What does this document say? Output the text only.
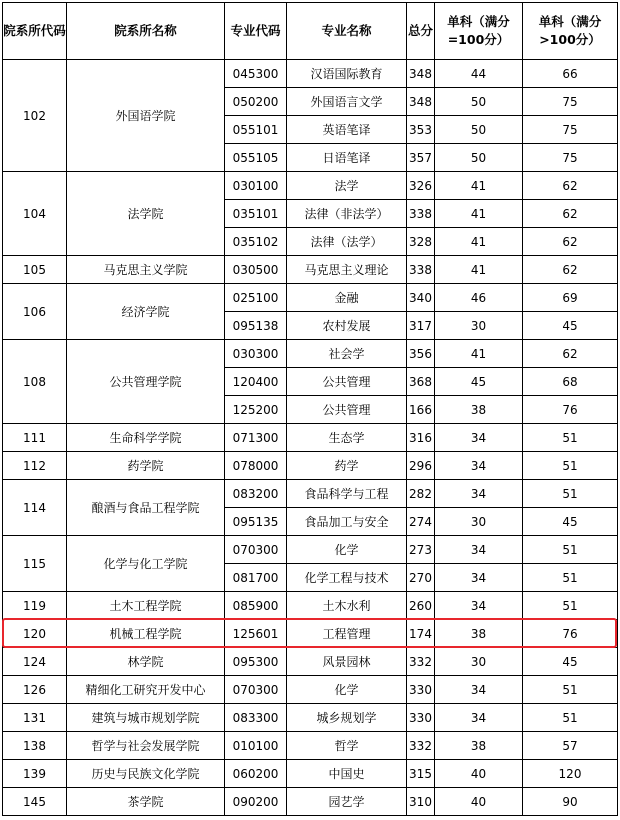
院系所代码	院系所名称	专业代码	专业名称	总分	单科（满分=100分）	单科（满分>100分）
102	外国语学院	045300	汉语国际教育	348	44	66
		050200	外国语言文学	348	50	75
		055101	英语笔译	353	50	75
		055105	日语笔译	357	50	75
104	法学院	030100	法学	326	41	62
		035101	法律（非法学）	338	41	62
		035102	法律（法学）	328	41	62
105	马克思主义学院	030500	马克思主义理论	338	41	62
106	经济学院	025100	金融	340	46	69
		095138	农村发展	317	30	45
108	公共管理学院	030300	社会学	356	41	62
		120400	公共管理	368	45	68
		125200	公共管理	166	38	76
111	生命科学学院	071300	生态学	316	34	51
112	药学院	078000	药学	296	34	51
114	酿酒与食品工程学院	083200	食品科学与工程	282	34	51
		095135	食品加工与安全	274	30	45
115	化学与化工学院	070300	化学	273	34	51
		081700	化学工程与技术	270	34	51
119	土木工程学院	085900	土木水利	260	34	51
120	机械工程学院	125601	工程管理	174	38	76
124	林学院	095300	风景园林	332	30	45
126	精细化工研究开发中心	070300	化学	330	34	51
131	建筑与城市规划学院	083300	城乡规划学	330	34	51
138	哲学与社会发展学院	010100	哲学	332	38	57
139	历史与民族文化学院	060200	中国史	315	40	120
145	茶学院	090200	园艺学	310	40	90
